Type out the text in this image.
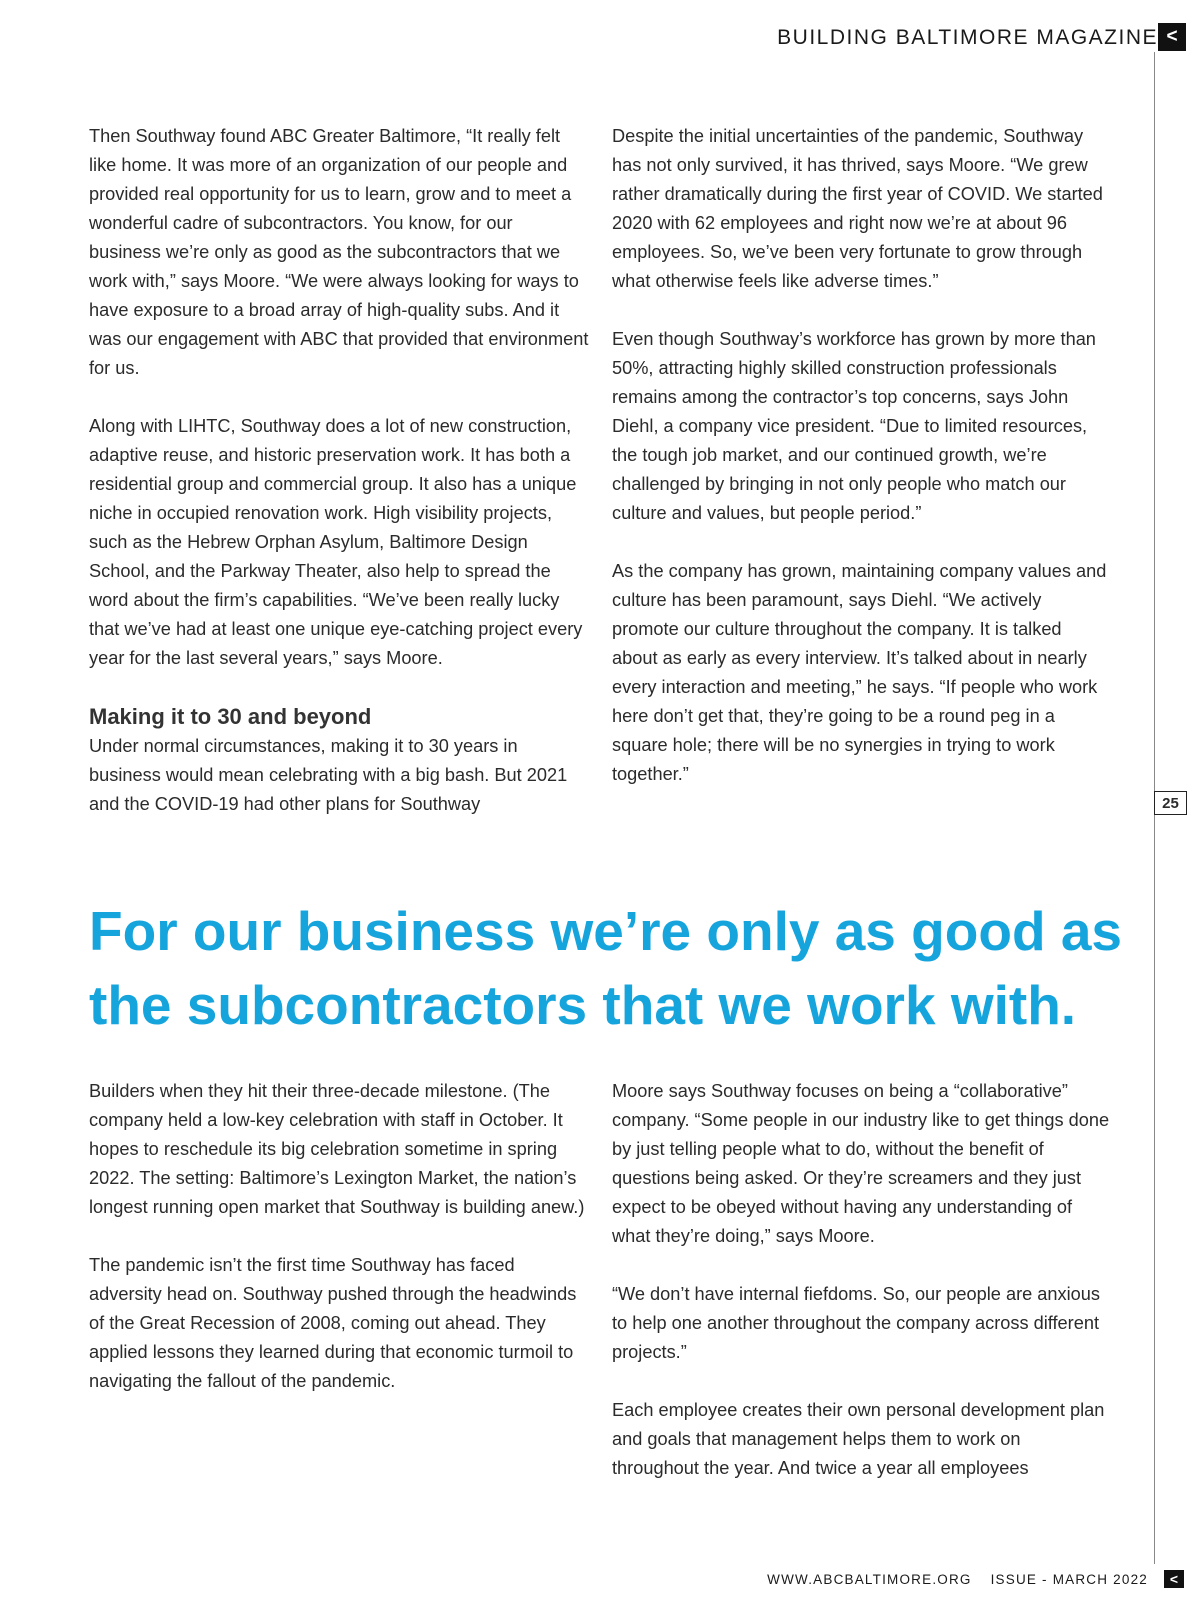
BUILDING BALTIMORE MAGAZINE <
25

Then Southway found ABC Greater Baltimore, “It really felt like home. It was more of an organization of our people and provided real opportunity for us to learn, grow and to meet a wonderful cadre of subcontractors. You know, for our business we’re only as good as the subcontractors that we work with,” says Moore. “We were always looking for ways to have exposure to a broad array of high-quality subs. And it was our engagement with ABC that provided that environment for us.

Along with LIHTC, Southway does a lot of new construction, adaptive reuse, and historic preservation work. It has both a residential group and commercial group. It also has a unique niche in occupied renovation work. High visibility projects, such as the Hebrew Orphan Asylum, Baltimore Design School, and the Parkway Theater, also help to spread the word about the firm’s capabilities. “We’ve been really lucky that we’ve had at least one unique eye-catching project every year for the last several years,” says Moore.

Making it to 30 and beyond

Under normal circumstances, making it to 30 years in business would mean celebrating with a big bash. But 2021 and the COVID-19 had other plans for Southway

Despite the initial uncertainties of the pandemic, Southway has not only survived, it has thrived, says Moore. “We grew rather dramatically during the first year of COVID. We started 2020 with 62 employees and right now we’re at about 96 employees. So, we’ve been very fortunate to grow through what otherwise feels like adverse times.”

Even though Southway’s workforce has grown by more than 50%, attracting highly skilled construction professionals remains among the contractor’s top concerns, says John Diehl, a company vice president. “Due to limited resources, the tough job market, and our continued growth, we’re challenged by bringing in not only people who match our culture and values, but people period.”

As the company has grown, maintaining company values and culture has been paramount, says Diehl. “We actively promote our culture throughout the company. It is talked about as early as every interview. It’s talked about in nearly every interaction and meeting,” he says. “If people who work here don’t get that, they’re going to be a round peg in a square hole; there will be no synergies in trying to work together.”

For our business we’re only as good as the subcontractors that we work with.

Builders when they hit their three-decade milestone. (The company held a low-key celebration with staff in October. It hopes to reschedule its big celebration sometime in spring 2022. The setting: Baltimore’s Lexington Market, the nation’s longest running open market that Southway is building anew.)

The pandemic isn’t the first time Southway has faced adversity head on. Southway pushed through the headwinds of the Great Recession of 2008, coming out ahead. They applied lessons they learned during that economic turmoil to navigating the fallout of the pandemic.

Moore says Southway focuses on being a “collaborative” company. “Some people in our industry like to get things done by just telling people what to do, without the benefit of questions being asked. Or they’re screamers and they just expect to be obeyed without having any understanding of what they’re doing,” says Moore.

“We don’t have internal fiefdoms. So, our people are anxious to help one another throughout the company across different projects.”

Each employee creates their own personal development plan and goals that management helps them to work on throughout the year. And twice a year all employees

WWW.ABCBALTIMORE.ORG ISSUE - MARCH 2022	<
